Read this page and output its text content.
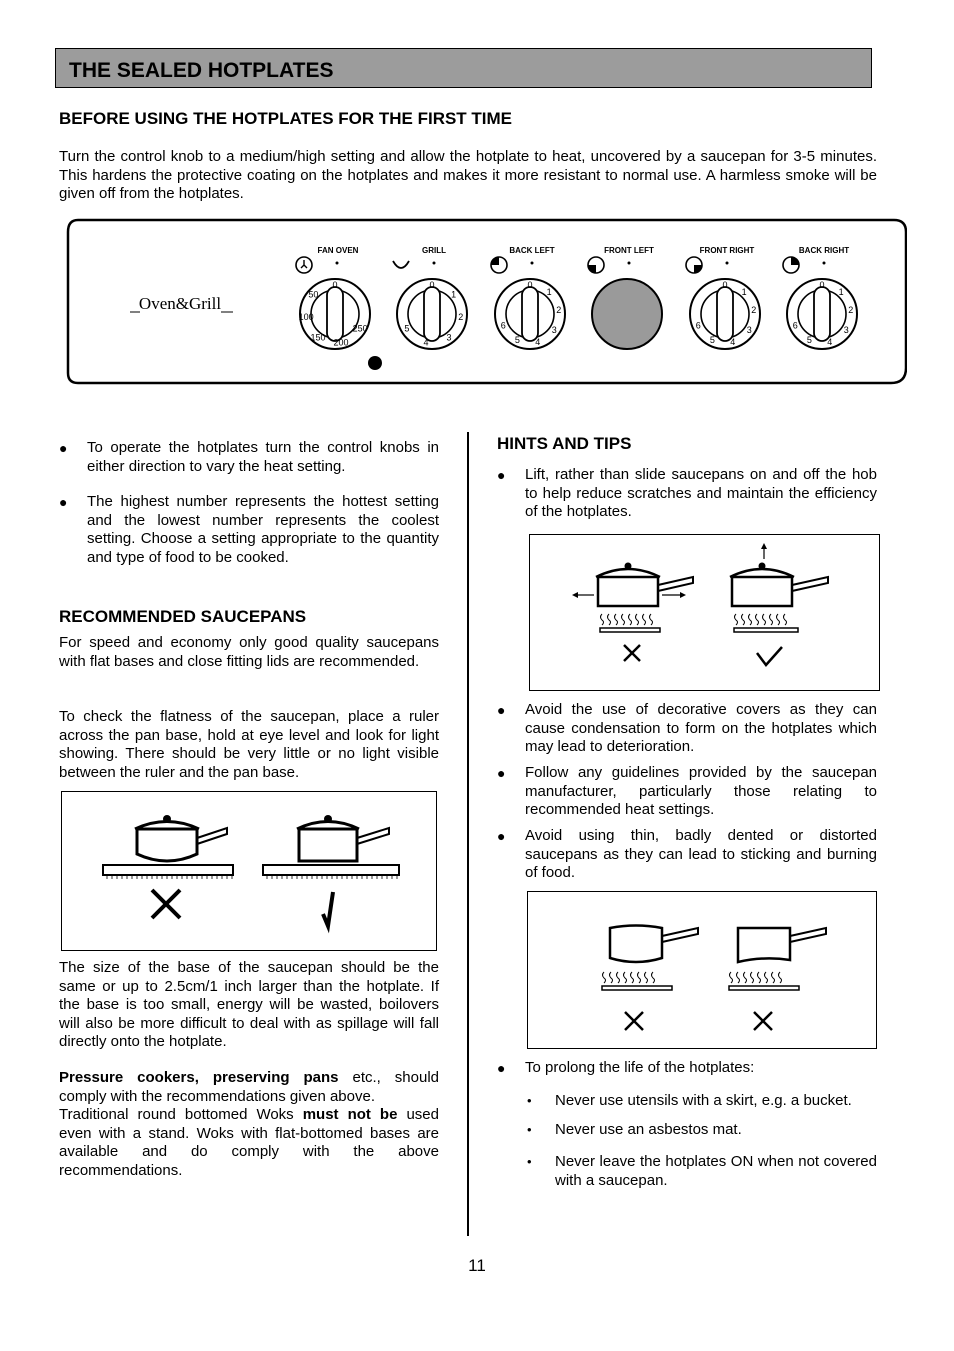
THE SEALED HOTPLATES
BEFORE USING THE HOTPLATES FOR THE FIRST TIME

Turn the control knob to a medium/high setting and allow the hotplate to heat, uncovered by a saucepan for 3-5 minutes. This hardens the protective coating on the hotplates and makes it more resistant to normal use. A harmless smoke will be given off from the hotplates.

Oven&Grill
FAN OVEN
0
50
100
150 200
250
GRILL
0
1
2
3
4
5
BACK LEFT
0
1
2
3
4
5
6
FRONT LEFT	FRONT RIGHT
0
1
2
3
4
5
6
BACK RIGHT
0
1
2
3
4
5
6
● To operate the hotplates turn the control knobs in either direction to vary the heat setting.
● The highest number represents the hottest setting and the lowest number represents the coolest setting. Choose a setting appropriate to the quantity and type of food to be cooked.
RECOMMENDED SAUCEPANS

For speed and economy only good quality saucepans with flat bases and close fitting lids are recommended.

To check the flatness of the saucepan, place a ruler across the pan base, hold at eye level and look for light showing. There should be very little or no light visible between the ruler and the pan base.

The size of the base of the saucepan should be the same or up to 2.5cm/1 inch larger than the hotplate. If the base is too small, energy will be wasted, boilovers will also be more difficult to deal with as spillage will fall directly onto the hotplate.

Pressure cookers, preserving pans etc., should comply with the recommendations given above.

Traditional round bottomed Woks must not be used even with a stand. Woks with flat-bottomed bases are available and do comply with the above recommendations.

HINTS AND TIPS
● Lift, rather than slide saucepans on and off the hob to help reduce scratches and maintain the efficiency of the hotplates.
● Avoid the use of decorative covers as they can cause condensation to form on the hotplates which may lead to deterioration.
● Follow any guidelines provided by the saucepan manufacturer, particularly those relating to recommended heat settings.
● Avoid using thin, badly dented or distorted saucepans as they can lead to sticking and burning of food.
● To prolong the life of the hotplates:
• Never use utensils with a skirt, e.g. a bucket.
• Never use an asbestos mat.
• Never leave the hotplates ON when not covered with a saucepan.
11
